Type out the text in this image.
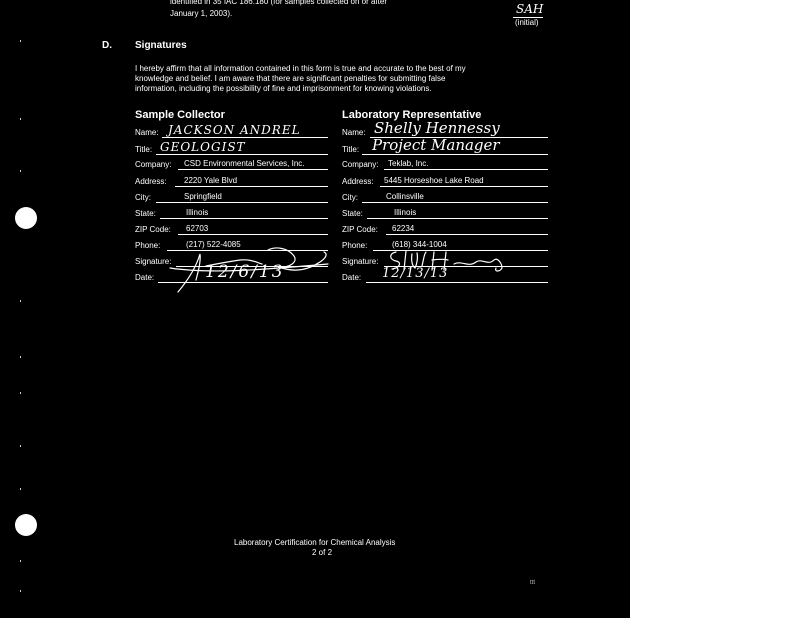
identified in 35 IAC 186.180 (for samples collected on or after
January 1, 2003).	SAH
(initial)
D. Signatures
I hereby affirm that all information contained in this form is true and accurate to the best of my
knowledge and belief. I am aware that there are significant penalties for submitting false
information, including the possibility of fine and imprisonment for knowing violations.
Sample Collector
Name: JACKSON ANDREL
Title: GEOLOGIST
Company: CSD Environmental Services, Inc.
Address: 2220 Yale Blvd
City:	Springfield
State:	Illinois
ZIP Code: 62703
Phone:	(217) 522-4085
Signature:
Date:	12/6/13
Laboratory Representative
Name: Shelly Hennessy
Title: Project Manager
Company: Teklab, Inc.
Address: 5445 Horseshoe Lake Road
City:	Collinsville
State:	Illinois
ZIP Code: 62234
Phone:	(618) 344-1004
Signature:
Date: 12/13/13
Laboratory Certification for Chemical Analysis
2 of 2
ttt
